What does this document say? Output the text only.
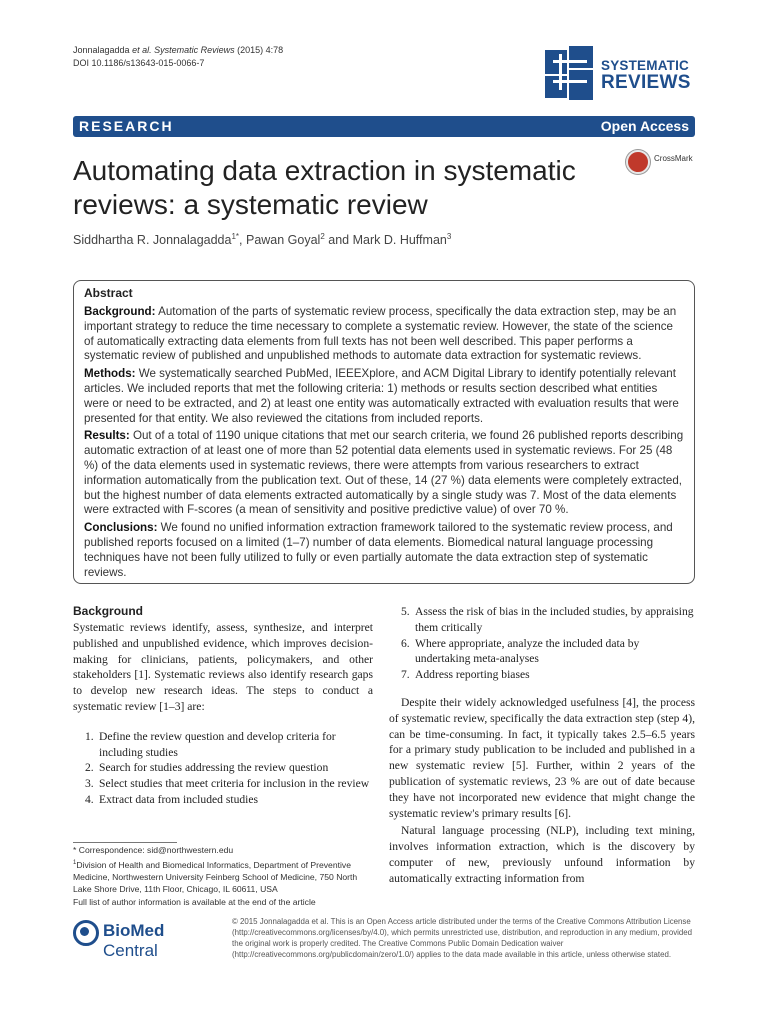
Jonnalagadda et al. Systematic Reviews (2015) 4:78
DOI 10.1186/s13643-015-0066-7	SYSTEMATIC
REVIEWS
RESEARCH	Open Access
Automating data extraction in systematic reviews: a systematic review
CrossMark
Siddhartha R. Jonnalagadda$^{1*}$, Pawan Goyal$^2$ and Mark D. Huffman$^3$
Abstract

Background: Automation of the parts of systematic review process, specifically the data extraction step, may be an important strategy to reduce the time necessary to complete a systematic review. However, the state of the science of automatically extracting data elements from full texts has not been well described. This paper performs a systematic review of published and unpublished methods to automate data extraction for systematic reviews.

Methods: We systematically searched PubMed, IEEEXplore, and ACM Digital Library to identify potentially relevant articles. We included reports that met the following criteria: 1) methods or results section described what entities were or need to be extracted, and 2) at least one entity was automatically extracted with evaluation results that were presented for that entity. We also reviewed the citations from included reports.

Results: Out of a total of 1190 unique citations that met our search criteria, we found 26 published reports describing automatic extraction of at least one of more than 52 potential data elements used in systematic reviews. For 25 (48 %) of the data elements used in systematic reviews, there were attempts from various researchers to extract information automatically from the publication text. Out of these, 14 (27 %) data elements were completely extracted, but the highest number of data elements extracted automatically by a single study was 7. Most of the data elements were extracted with F-scores (a mean of sensitivity and positive predictive value) of over 70 %.

Conclusions: We found no unified information extraction framework tailored to the systematic review process, and published reports focused on a limited (1–7) number of data elements. Biomedical natural language processing techniques have not been fully utilized to fully or even partially automate the data extraction step of systematic reviews.

Background

Systematic reviews identify, assess, synthesize, and interpret published and unpublished evidence, which improves decision-making for clinicians, patients, policymakers, and other stakeholders [1]. Systematic reviews also identify research gaps to develop new research ideas. The steps to conduct a systematic review [1–3] are:

1. Define the review question and develop criteria for including studies
2. Search for studies addressing the review question
3. Select studies that meet criteria for inclusion in the review
4. Extract data from included studies
5. Assess the risk of bias in the included studies, by appraising them critically
6. Where appropriate, analyze the included data by undertaking meta-analyses
7. Address reporting biases

Despite their widely acknowledged usefulness [4], the process of systematic review, specifically the data extraction step (step 4), can be time-consuming. In fact, it typically takes 2.5–6.5 years for a primary study publication to be included and published in a new systematic review [5]. Further, within 2 years of the publication of systematic reviews, 23 % are out of date because they have not incorporated new evidence that might change the systematic review's primary results [6].

Natural language processing (NLP), including text mining, involves information extraction, which is the discovery by computer of new, previously unfound information by automatically extracting information from

* Correspondence: sid@northwestern.edu
$^1$Division of Health and Biomedical Informatics, Department of Preventive Medicine, Northwestern University Feinberg School of Medicine, 750 North Lake Shore Drive, 11th Floor, Chicago, IL 60611, USA
Full list of author information is available at the end of the article
BioMed Central
© 2015 Jonnalagadda et al. This is an Open Access article distributed under the terms of the Creative Commons Attribution License (http://creativecommons.org/licenses/by/4.0), which permits unrestricted use, distribution, and reproduction in any medium, provided the original work is properly credited. The Creative Commons Public Domain Dedication waiver (http://creativecommons.org/publicdomain/zero/1.0/) applies to the data made available in this article, unless otherwise stated.
